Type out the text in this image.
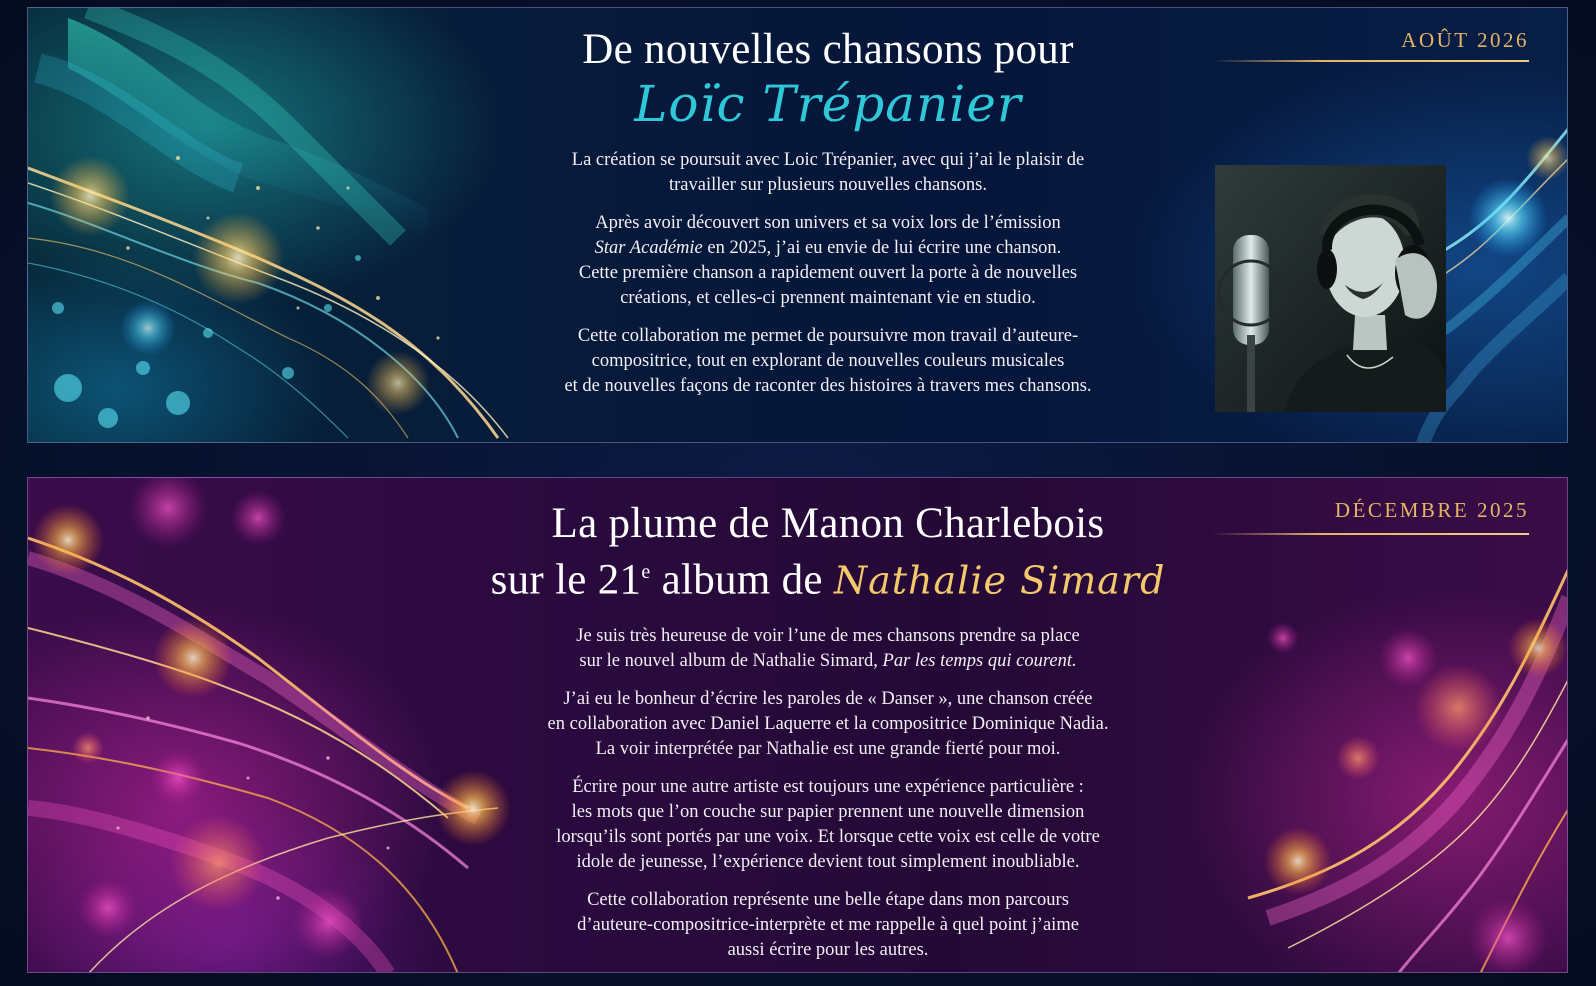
De nouvelles chansons pour
Loïc Trépanier

La création se poursuit avec Loic Trépanier, avec qui j’ai le plaisir de
travailler sur plusieurs nouvelles chansons.

Après avoir découvert son univers et sa voix lors de l’émission
Star Académie en 2025, j’ai eu envie de lui écrire une chanson.
Cette première chanson a rapidement ouvert la porte à de nouvelles
créations, et celles-ci prennent maintenant vie en studio.

Cette collaboration me permet de poursuivre mon travail d’auteure-
compositrice, tout en explorant de nouvelles couleurs musicales
et de nouvelles façons de raconter des histoires à travers mes chansons.

AOÛT 2026
La plume de Manon Charlebois
sur le 21e album de Nathalie Simard

Je suis très heureuse de voir l’une de mes chansons prendre sa place
sur le nouvel album de Nathalie Simard, Par les temps qui courent.

J’ai eu le bonheur d’écrire les paroles de « Danser », une chanson créée
en collaboration avec Daniel Laquerre et la compositrice Dominique Nadia.
La voir interprétée par Nathalie est une grande fierté pour moi.

Écrire pour une autre artiste est toujours une expérience particulière :
les mots que l’on couche sur papier prennent une nouvelle dimension
lorsqu’ils sont portés par une voix. Et lorsque cette voix est celle de votre
idole de jeunesse, l’expérience devient tout simplement inoubliable.

Cette collaboration représente une belle étape dans mon parcours
d’auteure-compositrice-interprète et me rappelle à quel point j’aime
aussi écrire pour les autres.

DÉCEMBRE 2025
